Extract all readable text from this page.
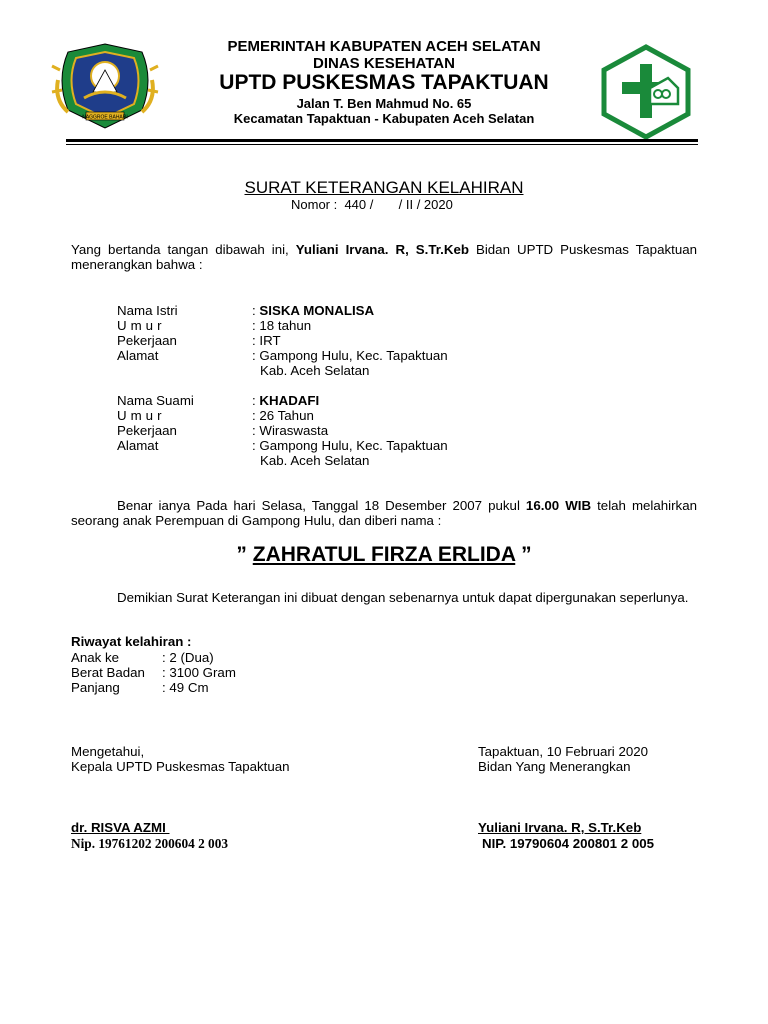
NAGGROE BAHARI
PEMERINTAH KABUPATEN ACEH SELATAN
DINAS KESEHATAN
UPTD PUSKESMAS TAPAKTUAN
Jalan T. Ben Mahmud No. 65
Kecamatan Tapaktuan - Kabupaten Aceh Selatan
SURAT KETERANGAN KELAHIRAN
Nomor :  440 /       / II / 2020
Yang bertanda tangan dibawah ini, Yuliani Irvana. R, S.Tr.Keb Bidan UPTD Puskesmas Tapaktuan menerangkan bahwa :
Nama Istri	: SISKA MONALISA
Umur	: 18 tahun
Pekerjaan	: IRT
Alamat	: Gampong Hulu, Kec. Tapaktuan
Kab. Aceh Selatan
Nama Suami	: KHADAFI
Umur	: 26 Tahun
Pekerjaan	: Wiraswasta
Alamat	: Gampong Hulu, Kec. Tapaktuan
Kab. Aceh Selatan
Benar ianya Pada hari Selasa, Tanggal 18 Desember 2007 pukul 16.00 WIB telah melahirkan seorang anak Perempuan di Gampong Hulu, dan diberi nama :
” ZAHRATUL FIRZA ERLIDA ”
Demikian Surat Keterangan ini dibuat dengan sebenarnya untuk dapat dipergunakan seperlunya.
Riwayat kelahiran :
Anak ke	: 2 (Dua)
Berat Badan : 3100 Gram
Panjang	: 49 Cm
Mengetahui,
Kepala UPTD Puskesmas Tapaktuan
dr. RISVA AZMI
Nip. 19761202 200604 2 003
Tapaktuan, 10 Februari 2020
Bidan Yang Menerangkan
Yuliani Irvana. R, S.Tr.Keb
NIP. 19790604 200801 2 005
